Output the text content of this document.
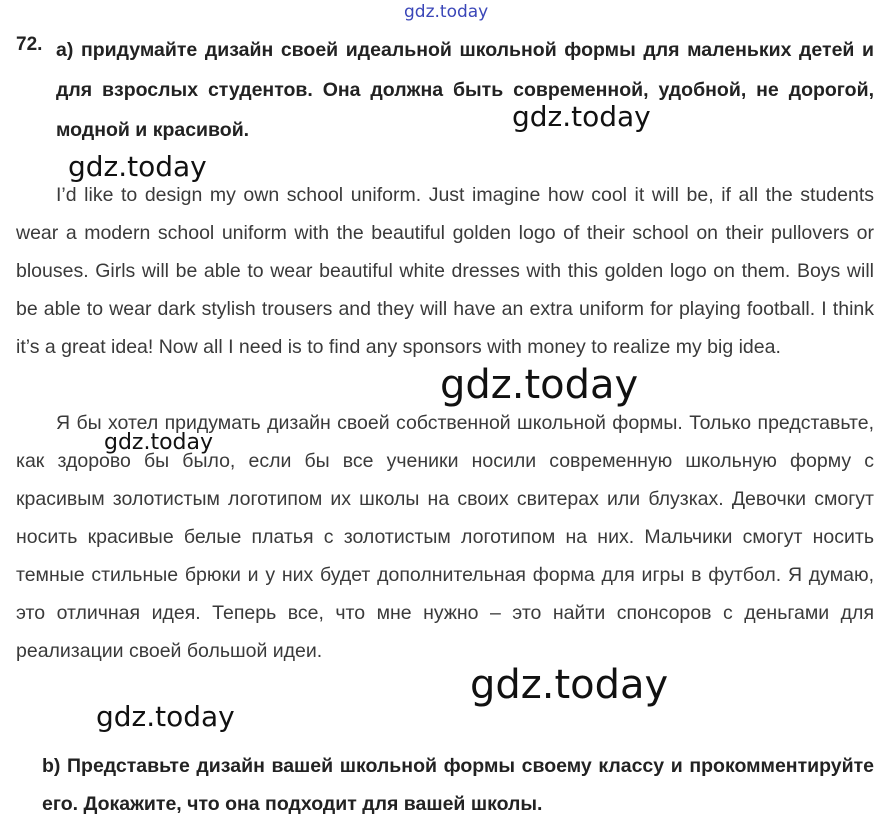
gdz.today
72. a) придумайте дизайн своей идеальной школьной формы для маленьких детей и для взрослых студентов. Она должна быть современной, удобной, не дорогой, модной и красивой.

I’d like to design my own school uniform. Just imagine how cool it will be, if all the students wear a modern school uniform with the beautiful golden logo of their school on their pullovers or blouses. Girls will be able to wear beautiful white dresses with this golden logo on them. Boys will be able to wear dark stylish trousers and they will have an extra uniform for playing football. I think it’s a great idea! Now all I need is to find any sponsors with money to realize my big idea.

Я бы хотел придумать дизайн своей собственной школьной формы. Только представьте, как здорово бы было, если бы все ученики носили современную школьную форму с красивым золотистым логотипом их школы на своих свитерах или блузках. Девочки смогут носить красивые белые платья с золотистым логотипом на них. Мальчики смогут носить темные стильные брюки и у них будет дополнительная форма для игры в футбол. Я думаю, это отличная идея. Теперь все, что мне нужно – это найти спонсоров с деньгами для реализации своей большой идеи.

b) Представьте дизайн вашей школьной формы своему классу и прокомментируйте его. Докажите, что она подходит для вашей школы.
gdz.today
gdz.today
gdz.today
gdz.today
gdz.today
gdz.today
